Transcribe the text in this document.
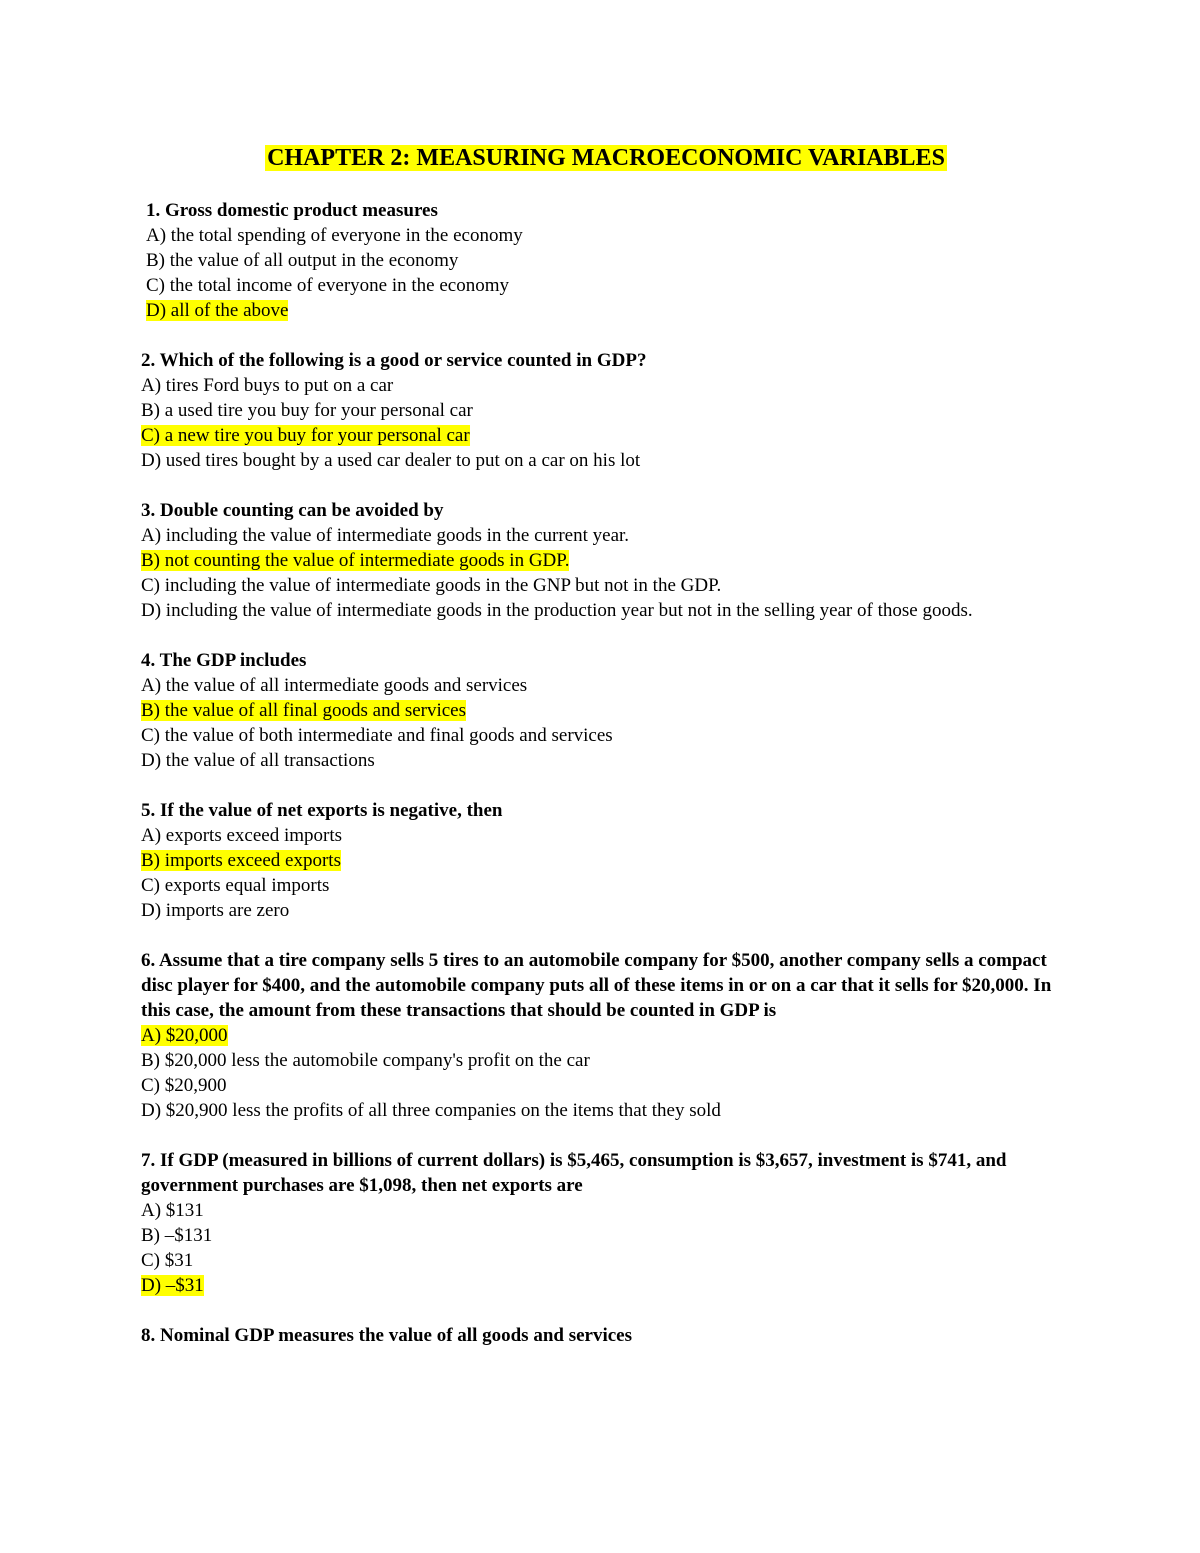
CHAPTER 2: MEASURING MACROECONOMIC VARIABLES

1. Gross domestic product measures

A) the total spending of everyone in the economy

B) the value of all output in the economy

C) the total income of everyone in the economy

D) all of the above

2. Which of the following is a good or service counted in GDP?

A) tires Ford buys to put on a car

B) a used tire you buy for your personal car

C) a new tire you buy for your personal car

D) used tires bought by a used car dealer to put on a car on his lot

3. Double counting can be avoided by

A) including the value of intermediate goods in the current year.

B) not counting the value of intermediate goods in GDP.

C) including the value of intermediate goods in the GNP but not in the GDP.

D) including the value of intermediate goods in the production year but not in the selling year of those goods.

4. The GDP includes

A) the value of all intermediate goods and services

B) the value of all final goods and services

C) the value of both intermediate and final goods and services

D) the value of all transactions

5. If the value of net exports is negative, then

A) exports exceed imports

B) imports exceed exports

C) exports equal imports

D) imports are zero

6. Assume that a tire company sells 5 tires to an automobile company for $500, another company sells a compact disc player for $400, and the automobile company puts all of these items in or on a car that it sells for $20,000. In this case, the amount from these transactions that should be counted in GDP is

A) $20,000

B) $20,000 less the automobile company's profit on the car

C) $20,900

D) $20,900 less the profits of all three companies on the items that they sold

7. If GDP (measured in billions of current dollars) is $5,465, consumption is $3,657, investment is $741, and government purchases are $1,098, then net exports are

A) $131

B) –$131

C) $31

D) –$31

8. Nominal GDP measures the value of all goods and services
